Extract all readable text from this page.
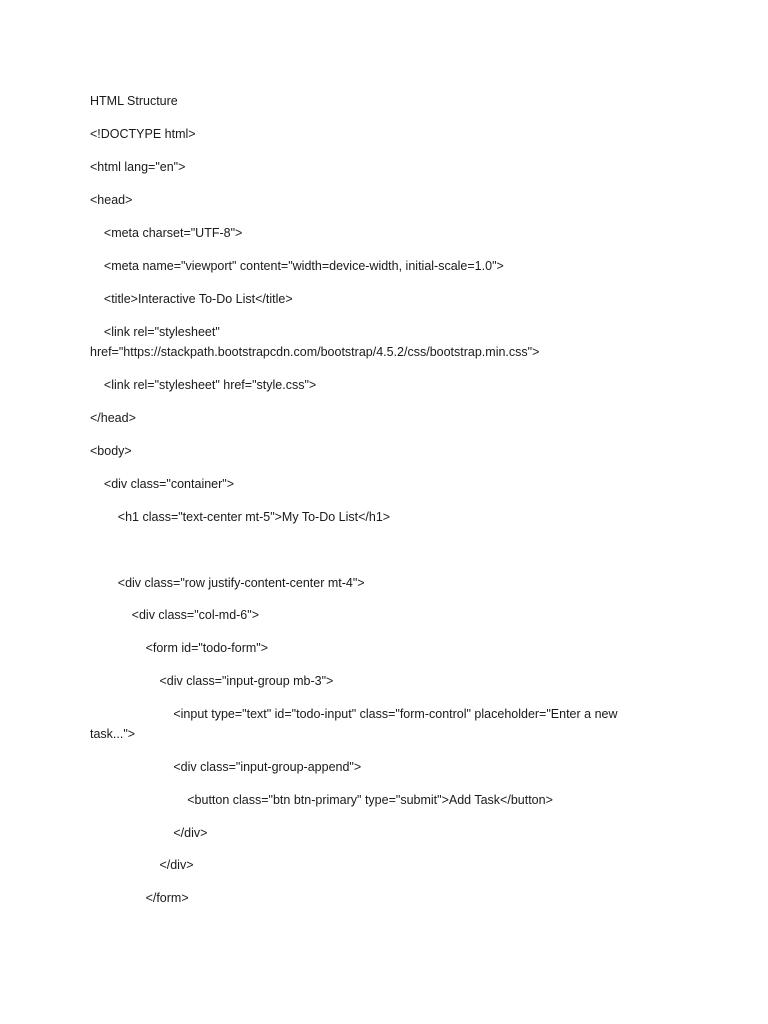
HTML Structure
<!DOCTYPE html>
<html lang="en">
<head>
<meta charset="UTF-8">
<meta name="viewport" content="width=device-width, initial-scale=1.0">
<title>Interactive To-Do List</title>
<link rel="stylesheet"
href="https://stackpath.bootstrapcdn.com/bootstrap/4.5.2/css/bootstrap.min.css">
<link rel="stylesheet" href="style.css">
</head>
<body>
<div class="container">
<h1 class="text-center mt-5">My To-Do List</h1>
<div class="row justify-content-center mt-4">
<div class="col-md-6">
<form id="todo-form">
<div class="input-group mb-3">
<input type="text" id="todo-input" class="form-control" placeholder="Enter a new
task...">
<div class="input-group-append">
<button class="btn btn-primary" type="submit">Add Task</button>
</div>
</div>
</form>
